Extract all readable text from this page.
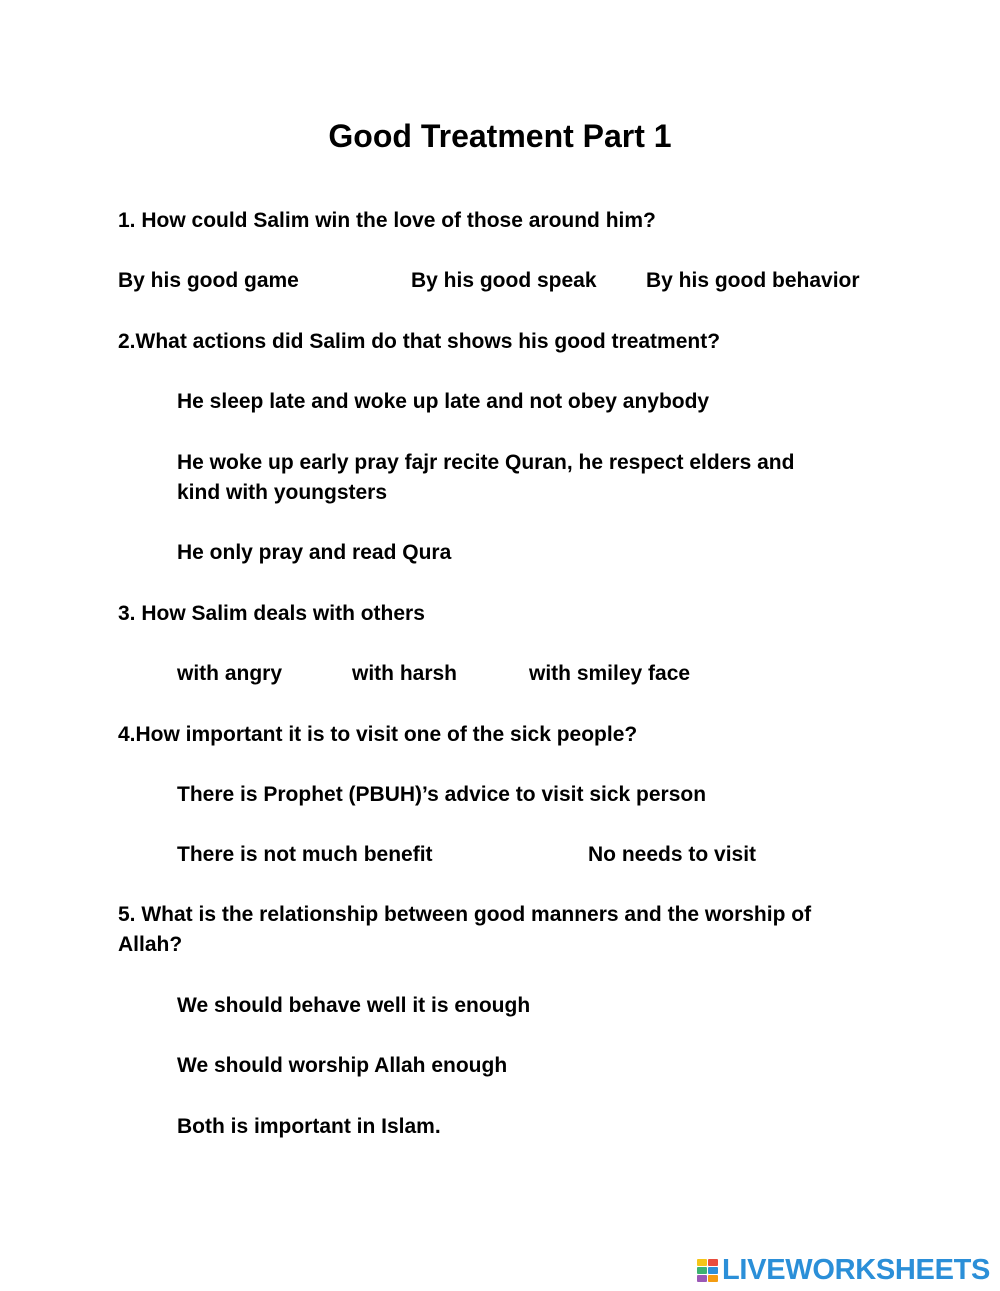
Good Treatment Part 1
1. How could Salim win the love of those around him?
By his good game	By his good speak By his good behavior
2.What actions did Salim do that shows his good treatment?
He sleep late and woke up late and not obey anybody
He woke up early pray fajr recite Quran, he respect elders and
kind with youngsters
He only pray and read Qura
3. How Salim deals with others
with angry	with harsh	with smiley face
4.How important it is to visit one of the sick people?
There is Prophet (PBUH)’s advice to visit sick person
There is not much benefit	No needs to visit
5. What is the relationship between good manners and the worship of
Allah?
We should behave well it is enough
We should worship Allah enough
Both is important in Islam.
LIVEWORKSHEETS
